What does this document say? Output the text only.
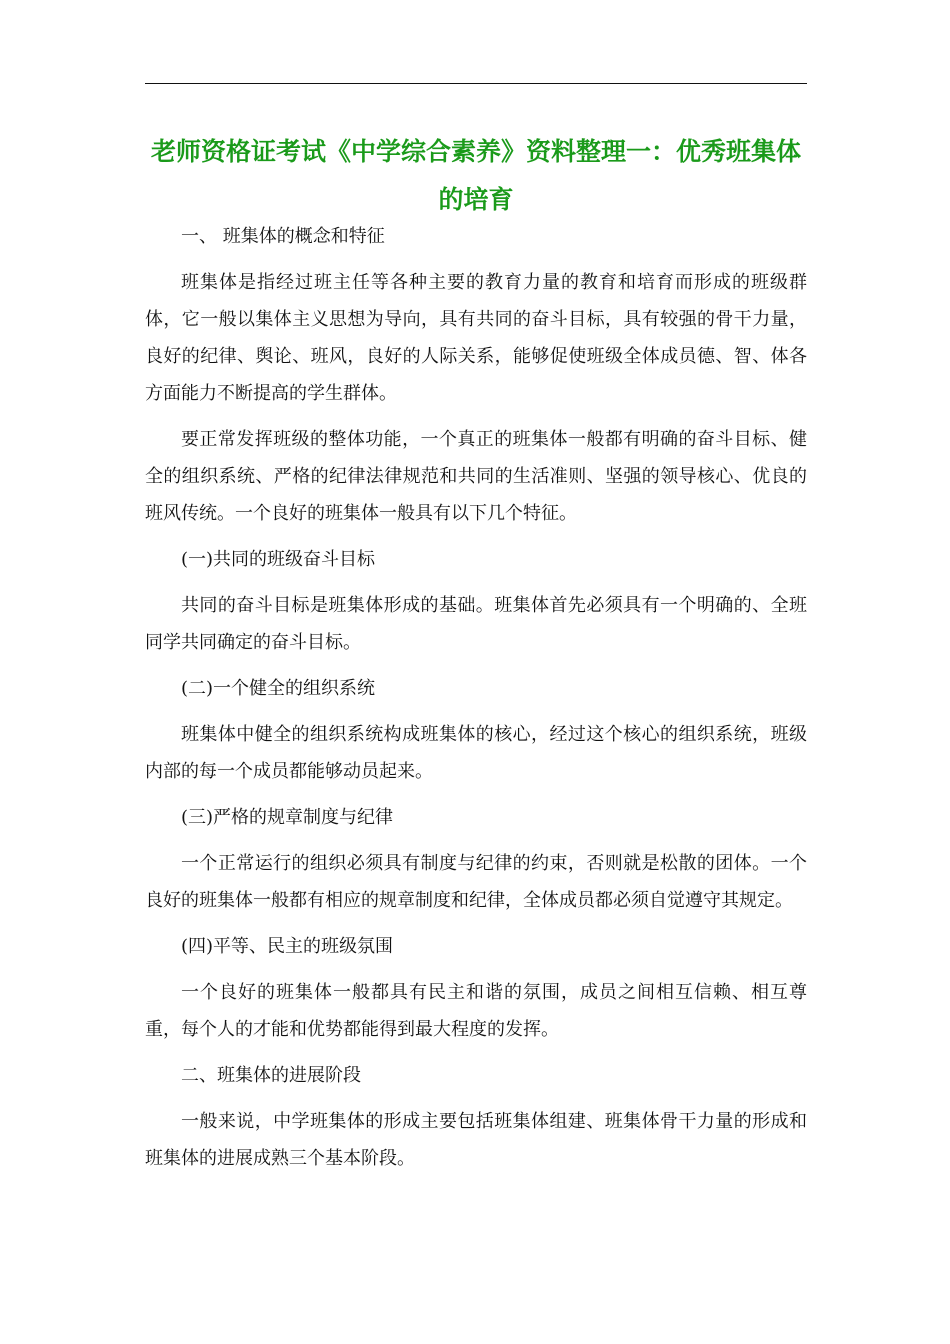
老师资格证考试《中学综合素养》资料整理一：优秀班集体的培育
一、 班集体的概念和特征

班集体是指经过班主任等各种主要的教育力量的教育和培育而形成的班级群体，它一般以集体主义思想为导向，具有共同的奋斗目标，具有较强的骨干力量，良好的纪律、舆论、班风，良好的人际关系，能够促使班级全体成员德、智、体各方面能力不断提高的学生群体。

要正常发挥班级的整体功能，一个真正的班集体一般都有明确的奋斗目标、健全的组织系统、严格的纪律法律规范和共同的生活准则、坚强的领导核心、优良的班风传统。一个良好的班集体一般具有以下几个特征。

(一)共同的班级奋斗目标

共同的奋斗目标是班集体形成的基础。班集体首先必须具有一个明确的、全班同学共同确定的奋斗目标。

(二)一个健全的组织系统

班集体中健全的组织系统构成班集体的核心，经过这个核心的组织系统，班级内部的每一个成员都能够动员起来。

(三)严格的规章制度与纪律

一个正常运行的组织必须具有制度与纪律的约束，否则就是松散的团体。一个良好的班集体一般都有相应的规章制度和纪律，全体成员都必须自觉遵守其规定。

(四)平等、民主的班级氛围

一个良好的班集体一般都具有民主和谐的氛围，成员之间相互信赖、相互尊重，每个人的才能和优势都能得到最大程度的发挥。

二、班集体的进展阶段

一般来说，中学班集体的形成主要包括班集体组建、班集体骨干力量的形成和班集体的进展成熟三个基本阶段。
